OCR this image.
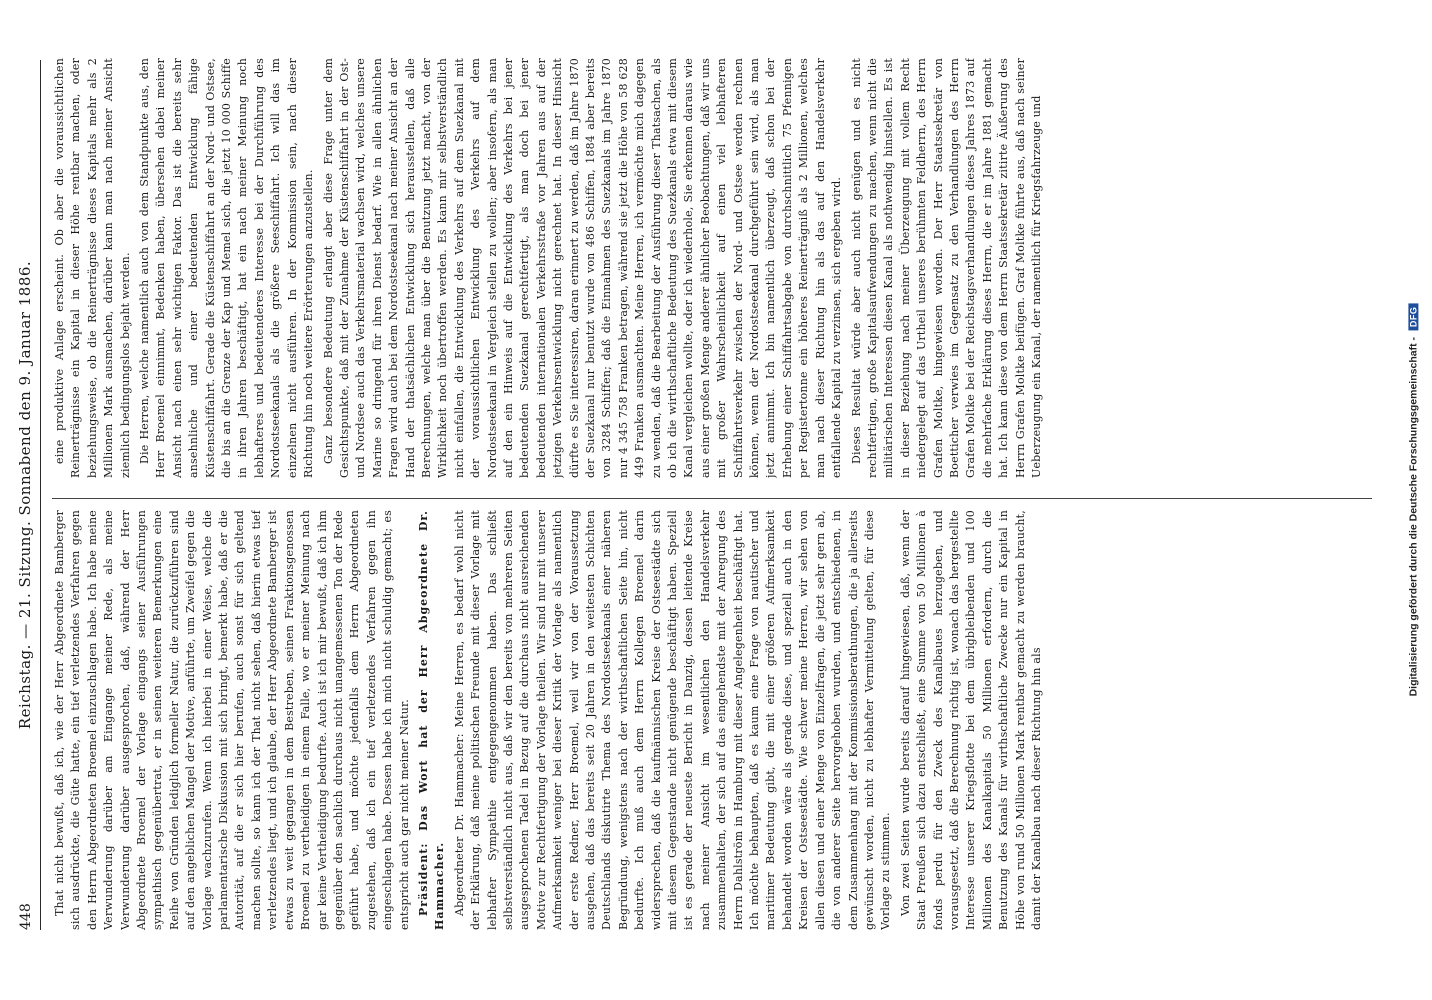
448
Reichstag. — 21. Sitzung. Sonnabend den 9. Januar 1886. That nicht bewußt, daß ich, wie der Herr Abgeordnete Bamberger sich ausdrückte, die Güte hatte, ein tief verletzendes Verfahren gegen den Herrn Abgeordneten Broemel einzuschlagen habe. Ich habe meine Verwunderung darüber am Eingange meiner Rede, als meine Verwunderung darüber ausgesprochen, daß, während der Herr Abgeordnete Broemel der Vorlage eingangs seiner Ausführungen sympathisch gegenübertrat, er in seinen weiteren Bemerkungen eine Reihe von Gründen lediglich formeller Natur, die zurückzuführen sind auf den angeblichen Mangel der Motive, anführte, um Zweifel gegen die Vorlage wachzurufen. Wenn ich hierbei in einer Weise, welche die parlamentarische Diskussion mit sich bringt, bemerkt habe, daß er die Autorität, auf die er sich hier berufen, auch sonst für sich geltend machen sollte, so kann ich der That nicht sehen, daß hierin etwas tief verletzendes liegt, und ich glaube, der Herr Abgeordnete Bamberger ist etwas zu weit gegangen in dem Bestreben, seinen Fraktionsgenossen Broemel zu vertheidigen in einem Falle, wo er meiner Meinung nach gar keine Vertheidigung bedurfte. Auch ist ich mir bewußt, daß ich ihm gegenüber den sachlich durchaus nicht unangemessenen Ton der Rede geführt habe, und möchte jedenfalls dem Herrn Abgeordneten zugestehen, daß ich ein tief verletzendes Verfahren gegen ihn eingeschlagen habe. Dessen habe ich mich nicht schuldig gemacht; es entspricht auch gar nicht meiner Natur. Präsident: Das Wort hat der Herr Abgeordnete Dr. Hammacher. Abgeordneter Dr. Hammacher: Meine Herren, es bedarf wohl nicht der Erklärung, daß meine politischen Freunde mit dieser Vorlage mit lebhafter Sympathie entgegengenommen haben. Das schließt selbstverständlich nicht aus, daß wir den bereits von mehreren Seiten ausgesprochenen Tadel in Bezug auf die durchaus nicht ausreichenden Motive zur Rechtfertigung der Vorlage theilen. Wir sind nur mit unserer Aufmerksamkeit weniger bei dieser Kritik der Vorlage als namentlich der erste Redner, Herr Broemel, weil wir von der Voraussetzung ausgehen, daß das bereits seit 20 Jahren in den weitesten Schichten Deutschlands diskutirte Thema des Nordostseekanals einer näheren Begründung, wenigstens nach der wirthschaftlichen Seite hin, nicht bedurfte. Ich muß auch dem Herrn Kollegen Broemel darin widersprechen, daß die kaufmännischen Kreise der Ostseestädte sich mit diesem Gegenstande nicht genügende beschäftigt haben. Speziell ist es gerade der neueste Bericht in Danzig, dessen leitende Kreise nach meiner Ansicht im wesentlichen den Handelsverkehr zusammenhalten, der sich auf das eingehendste mit der Anregung des Herrn Dahlström in Hamburg mit dieser Angelegenheit beschäftigt hat. Ich möchte behaupten, daß es kaum eine Frage von nautischer und maritimer Bedeutung gibt, die mit einer größeren Aufmerksamkeit behandelt worden wäre als gerade diese, und speziell auch in den Kreisen der Ostseestädte. Wie schwer meine Herren, wir sehen von allen diesen und einer Menge von Einzelfragen, die jetzt sehr gern ab, die von anderer Seite hervorgehoben wurden, und entschiedenen, in dem Zusammenhang mit der Kommissionsberathungen, die ja allerseits gewünscht worden, nicht zu lebhafter Vermittelung gelten, für diese Vorlage zu stimmen. Von zwei Seiten wurde bereits darauf hingewiesen, daß, wenn der Staat Preußen sich dazu entschließt, eine Summe von 50 Millionen à fonds perdu für den Zweck des Kanalbaues herzugeben, und vorausgesetzt, daß die Berechnung richtig ist, wonach das hergestellte Interesse unserer Kriegsflotte bei dem übrigbleibenden und 100 Millionen des Kanalkapitals 50 Millionen erfordern, durch die Benutzung des Kanals für wirthschaftliche Zwecke nur ein Kapital in Höhe von rund 50 Millionen Mark rentbar gemacht zu werden braucht, damit der Kanalbau nach dieser Richtung hin als

eine produktive Anlage erscheint. Ob aber die voraussichtlichen Reinerträgnisse ein Kapital in dieser Höhe rentbar machen, oder beziehungsweise, ob die Reinerträgnisse dieses Kapitals mehr als 2 Millionen Mark ausmachen, darüber kann man nach meiner Ansicht ziemlich bedingungslos bejaht werden. Die Herren, welche namentlich auch von dem Standpunkte aus, den Herr Broemel einnimmt, Bedenken haben, übersehen dabei meiner Ansicht nach einen sehr wichtigen Faktor. Das ist die bereits sehr ansehnliche und einer bedeutenden Entwicklung fähige Küstenschiffahrt. Gerade die Küstenschiffahrt an der Nord- und Ostsee, die bis an die Grenze der Kap und Memel sich, die jetzt 10 000 Schiffe in ihren Jahren beschäftigt, hat ein nach meiner Meinung noch lebhafteres und bedeutenderes Interesse bei der Durchführung des Nordostseekanals als die größere Seeschiffahrt. Ich will das im einzelnen nicht ausführen. In der Kommission sein, nach dieser Richtung hin noch weitere Erörterungen anzustellen. Ganz besondere Bedeutung erlangt aber diese Frage unter dem Gesichtspunkte, daß mit der Zunahme der Küstenschiffahrt in der Ost- und Nordsee auch das Verkehrsmaterial wachsen wird, welches unsere Marine so dringend für ihren Dienst bedarf. Wie in allen ähnlichen Fragen wird auch bei dem Nordostseekanal nach meiner Ansicht an der Hand der thatsächlichen Entwicklung sich herausstellen, daß alle Berechnungen, welche man über die Benutzung jetzt macht, von der Wirklichkeit noch übertroffen werden. Es kann mir selbstverständlich nicht einfallen, die Entwicklung des Verkehrs auf dem Suezkanal mit der voraussichtlichen Entwicklung des Verkehrs auf dem Nordostseekanal in Vergleich stellen zu wollen; aber insofern, als man auf den ein Hinweis auf die Entwicklung des Verkehrs bei jener bedeutenden Suezkanal gerechtfertigt, als man doch bei jener bedeutenden internationalen Verkehrsstraße vor Jahren aus auf der jetzigen Verkehrsentwicklung nicht gerechnet hat. In dieser Hinsicht dürfte es Sie interessiren, daran erinnert zu werden, daß im Jahre 1870 der Suezkanal nur benutzt wurde von 486 Schiffen, 1884 aber bereits von 3284 Schiffen; daß die Einnahmen des Suezkanals im Jahre 1870 nur 4 345 758 Franken betragen, während sie jetzt die Höhe von 58 628 449 Franken ausmachten. Meine Herren, ich vermöchte mich dagegen zu wenden, daß die Bearbeitung der Ausführung dieser Thatsachen, als ob ich die wirthschaftliche Bedeutung des Suezkanals etwa mit diesem Kanal vergleichen wollte, oder ich wiederhole, Sie erkennen daraus wie aus einer großen Menge anderer ähnlicher Beobachtungen, daß wir uns mit großer Wahrscheinlichkeit auf einen viel lebhafteren Schiffahrtsverkehr zwischen der Nord- und Ostsee werden rechnen können, wenn der Nordostseekanal durchgeführt sein wird, als man jetzt annimmt. Ich bin namentlich überzeugt, daß schon bei der Erhebung einer Schiffahrtsabgabe von durchschnittlich 75 Pfennigen per Registertonne ein höheres Reinerträgniß als 2 Millionen, welches man nach dieser Richtung hin als das auf den Handelsverkehr entfallende Kapital zu verzinsen, sich ergeben wird. Dieses Resultat würde aber auch nicht genügen und es nicht rechtfertigen, große Kapitalsaufwendungen zu machen, wenn nicht die militärischen Interessen diesen Kanal als nothwendig hinstellen. Es ist in dieser Beziehung nach meiner Überzeugung mit vollem Recht niedergelegt auf das Urtheil unseres berühmten Feldherrn, des Herrn Grafen Moltke, hingewiesen worden. Der Herr Staatssekretär von Boetticher verwies im Gegensatz zu den Verhandlungen des Herrn Grafen Moltke bei der Reichstagsverhandlungen dieses Jahres 1873 auf die mehrfache Erklärung dieses Herrn, die er im Jahre 1881 gemacht hat. Ich kann diese von dem Herrn Staatssekretär zitirte Äußerung des Herrn Grafen Moltke beifügen. Graf Moltke führte aus, daß nach seiner Ueberzeugung ein Kanal, der namentlich für Kriegsfahrzeuge und

Digitalisierung gefördert durch die Deutsche Forschungsgemeinschaft - DFG
